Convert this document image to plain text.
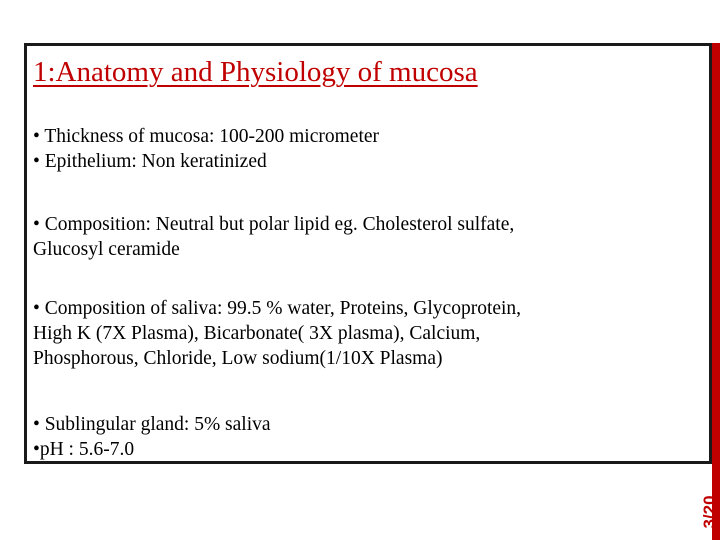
1:Anatomy and Physiology of mucosa
• Thickness of mucosa: 100-200 micrometer
• Epithelium: Non keratinized
• Composition: Neutral but polar lipid eg. Cholesterol sulfate,
Glucosyl ceramide
• Composition of saliva: 99.5 % water, Proteins, Glycoprotein,
High K (7X Plasma), Bicarbonate( 3X plasma), Calcium,
Phosphorous, Chloride, Low sodium(1/10X Plasma)
• Sublingular gland: 5% saliva
•pH : 5.6-7.0
3/20
